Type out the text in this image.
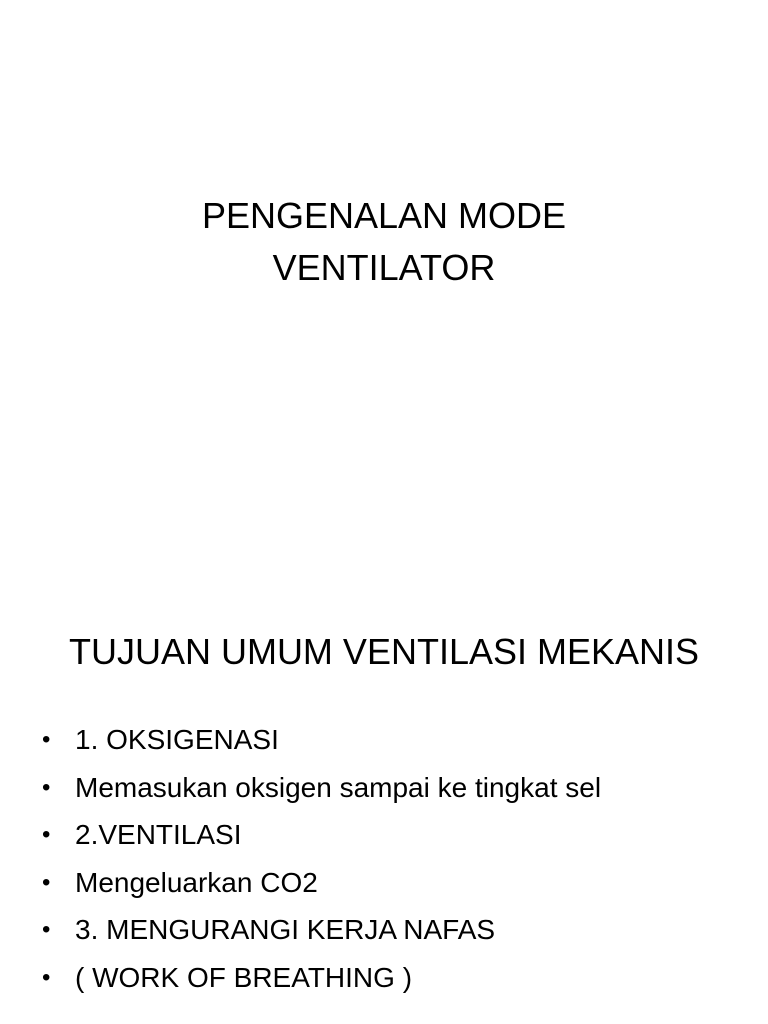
PENGENALAN MODE
VENTILATOR
TUJUAN UMUM VENTILASI MEKANIS
• 1. OKSIGENASI
• Memasukan oksigen sampai ke tingkat sel
• 2.VENTILASI
• Mengeluarkan CO2
• 3. MENGURANGI KERJA NAFAS
• ( WORK OF BREATHING )
